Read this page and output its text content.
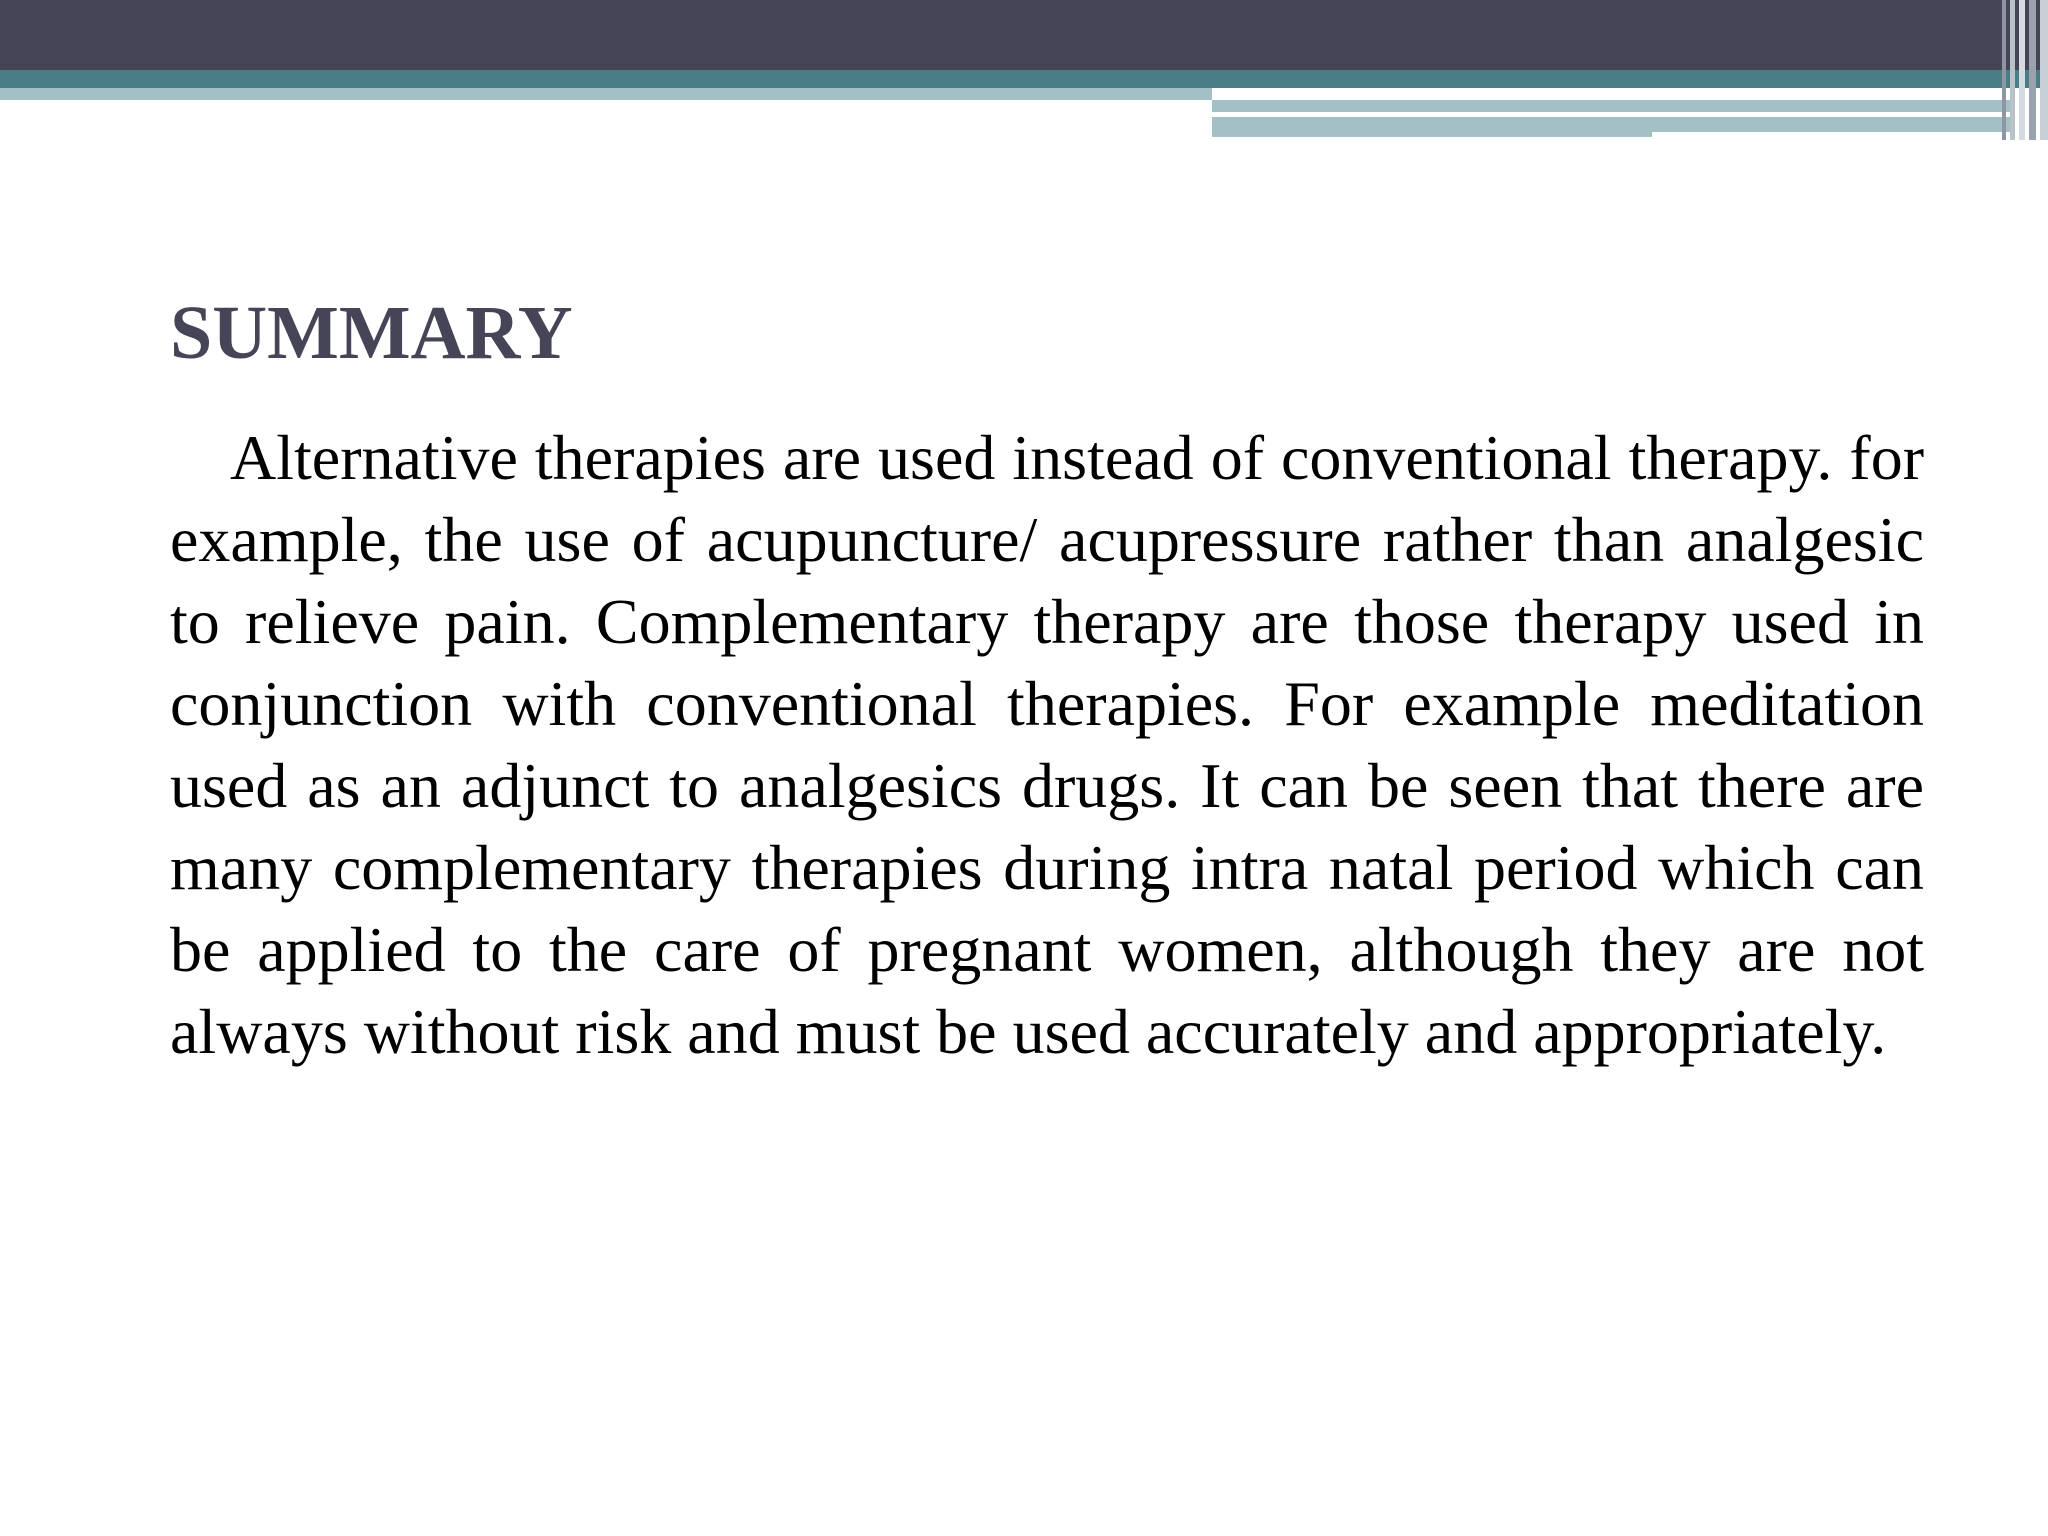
SUMMARY

Alternative therapies are used instead of conventional therapy. for example, the use of acupuncture/ acupressure rather than analgesic to relieve pain. Complementary therapy are those therapy used in conjunction with conventional therapies. For example meditation used as an adjunct to analgesics drugs. It can be seen that there are many complementary therapies during intra natal period which can be applied to the care of pregnant women, although they are not always without risk and must be used accurately and appropriately.
